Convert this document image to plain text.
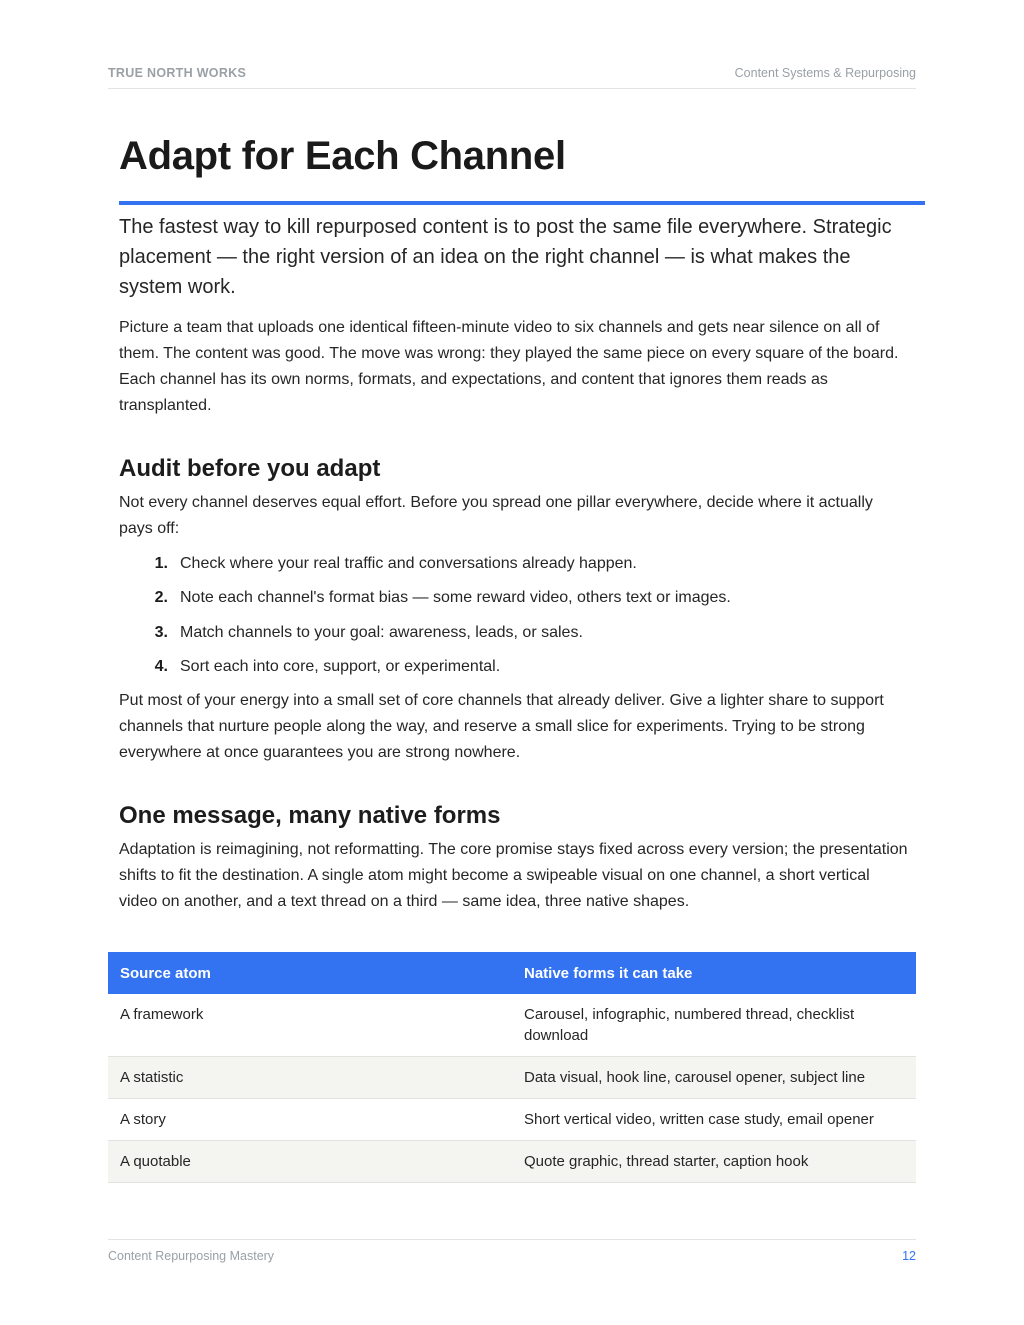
TRUE NORTH WORKS	Content Systems & Repurposing
Adapt for Each Channel

The fastest way to kill repurposed content is to post the same file everywhere. Strategic placement — the right version of an idea on the right channel — is what makes the system work.

Picture a team that uploads one identical fifteen-minute video to six channels and gets near silence on all of them. The content was good. The move was wrong: they played the same piece on every square of the board. Each channel has its own norms, formats, and expectations, and content that ignores them reads as transplanted.

Audit before you adapt

Not every channel deserves equal effort. Before you spread one pillar everywhere, decide where it actually pays off:

1. Check where your real traffic and conversations already happen.
2. Note each channel's format bias — some reward video, others text or images.
3. Match channels to your goal: awareness, leads, or sales.
4. Sort each into core, support, or experimental.

Put most of your energy into a small set of core channels that already deliver. Give a lighter share to support channels that nurture people along the way, and reserve a small slice for experiments. Trying to be strong everywhere at once guarantees you are strong nowhere.

One message, many native forms

Adaptation is reimagining, not reformatting. The core promise stays fixed across every version; the presentation shifts to fit the destination. A single atom might become a swipeable visual on one channel, a short vertical video on another, and a text thread on a third — same idea, three native shapes.

Source atom	Native forms it can take
A framework	Carousel, infographic, numbered thread, checklist download
A statistic	Data visual, hook line, carousel opener, subject line
A story	Short vertical video, written case study, email opener
A quotable	Quote graphic, thread starter, caption hook
Content Repurposing Mastery	12
